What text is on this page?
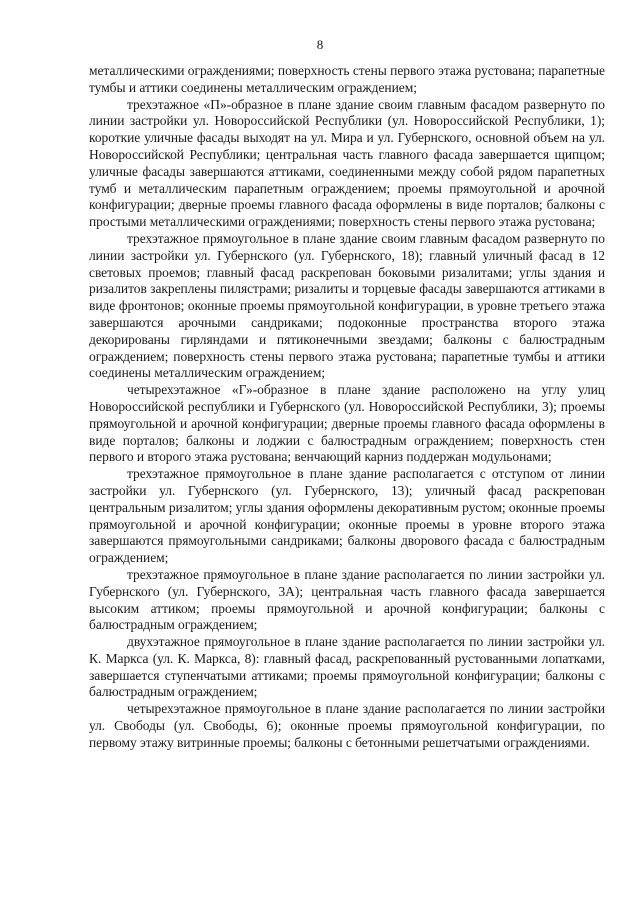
8

металлическими ограждениями; поверхность стены первого этажа рустована; парапетные тумбы и аттики соединены металлическим ограждением;

трехэтажное «П»-образное в плане здание своим главным фасадом развернуто по линии застройки ул. Новороссийской Республики (ул. Новороссийской Республики, 1); короткие уличные фасады выходят на ул. Мира и ул. Губернского, основной объем на ул. Новороссийской Республики; центральная часть главного фасада завершается щипцом; уличные фасады завершаются аттиками, соединенными между собой рядом парапетных тумб и металлическим парапетным ограждением; проемы прямоугольной и арочной конфигурации; дверные проемы главного фасада оформлены в виде порталов; балконы с простыми металлическими ограждениями; поверхность стены первого этажа рустована;

трехэтажное прямоугольное в плане здание своим главным фасадом развернуто по линии застройки ул. Губернского (ул. Губернского, 18); главный уличный фасад в 12 световых проемов; главный фасад раскрепован боковыми ризалитами; углы здания и ризалитов закреплены пилястрами; ризалиты и торцевые фасады завершаются аттиками в виде фронтонов; оконные проемы прямоугольной конфигурации, в уровне третьего этажа завершаются арочными сандриками; подоконные пространства второго этажа декорированы гирляндами и пятиконечными звездами; балконы с балюстрадным ограждением; поверхность стены первого этажа рустована; парапетные тумбы и аттики соединены металлическим ограждением;

четырехэтажное «Г»-образное в плане здание расположено на углу улиц Новороссийской республики и Губернского (ул. Новороссийской Республики, 3); проемы прямоугольной и арочной конфигурации; дверные проемы главного фасада оформлены в виде порталов; балконы и лоджии с балюстрадным ограждением; поверхность стен первого и второго этажа рустована; венчающий карниз поддержан модульонами;

трехэтажное прямоугольное в плане здание располагается с отступом от линии застройки ул. Губернского (ул. Губернского, 13); уличный фасад раскрепован центральным ризалитом; углы здания оформлены декоративным рустом; оконные проемы прямоугольной и арочной конфигурации; оконные проемы в уровне второго этажа завершаются прямоугольными сандриками; балконы дворового фасада с балюстрадным ограждением;

трехэтажное прямоугольное в плане здание располагается по линии застройки ул. Губернского (ул. Губернского, 3А); центральная часть главного фасада завершается высоким аттиком; проемы прямоугольной и арочной конфигурации; балконы с балюстрадным ограждением;

двухэтажное прямоугольное в плане здание располагается по линии застройки ул. К. Маркса (ул. К. Маркса, 8): главный фасад, раскрепованный рустованными лопатками, завершается ступенчатыми аттиками; проемы прямоугольной конфигурации; балконы с балюстрадным ограждением;

четырехэтажное прямоугольное в плане здание располагается по линии застройки ул. Свободы (ул. Свободы, 6); оконные проемы прямоугольной конфигурации, по первому этажу витринные проемы; балконы с бетонными решетчатыми ограждениями.
